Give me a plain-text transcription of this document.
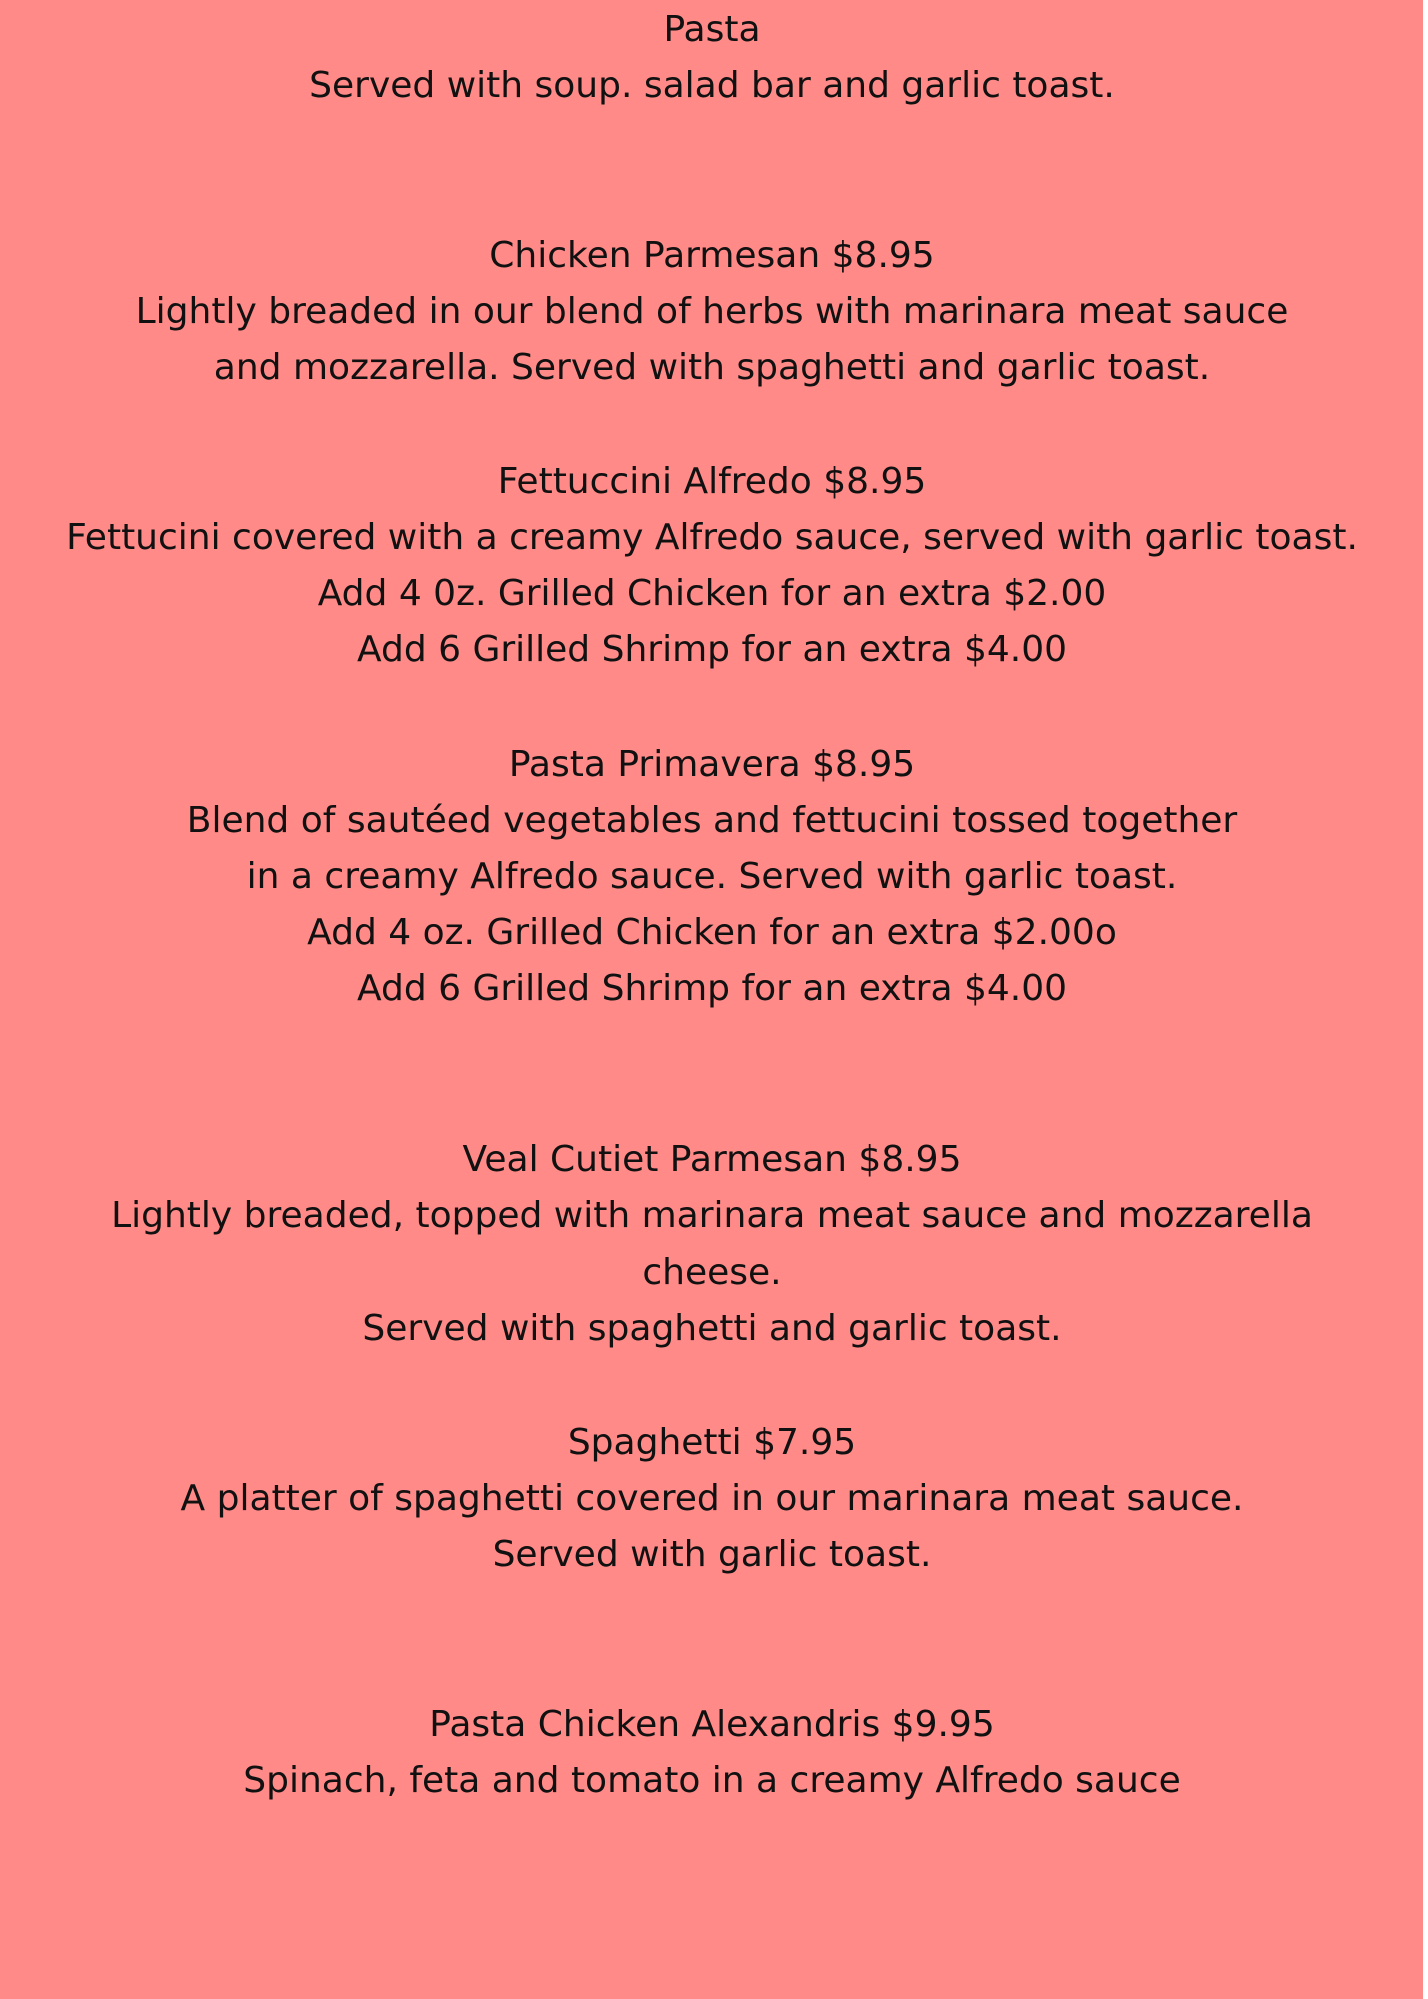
Pasta
Served with soup. salad bar and garlic toast.
Chicken Parmesan $8.95
Lightly breaded in our blend of herbs with marinara meat sauce
and mozzarella. Served with spaghetti and garlic toast.
Fettuccini Alfredo $8.95
Fettucini covered with a creamy Alfredo sauce, served with garlic toast.
Add 4 0z. Grilled Chicken for an extra $2.00
Add 6 Grilled Shrimp for an extra $4.00
Pasta Primavera $8.95
Blend of sautéed vegetables and fettucini tossed together
in a creamy Alfredo sauce. Served with garlic toast.
Add 4 oz. Grilled Chicken for an extra $2.00o
Add 6 Grilled Shrimp for an extra $4.00
Veal Cutiet Parmesan $8.95
Lightly breaded, topped with marinara meat sauce and mozzarella
cheese.
Served with spaghetti and garlic toast.
Spaghetti $7.95
A platter of spaghetti covered in our marinara meat sauce.
Served with garlic toast.
Pasta Chicken Alexandris $9.95
Spinach, feta and tomato in a creamy Alfredo sauce
